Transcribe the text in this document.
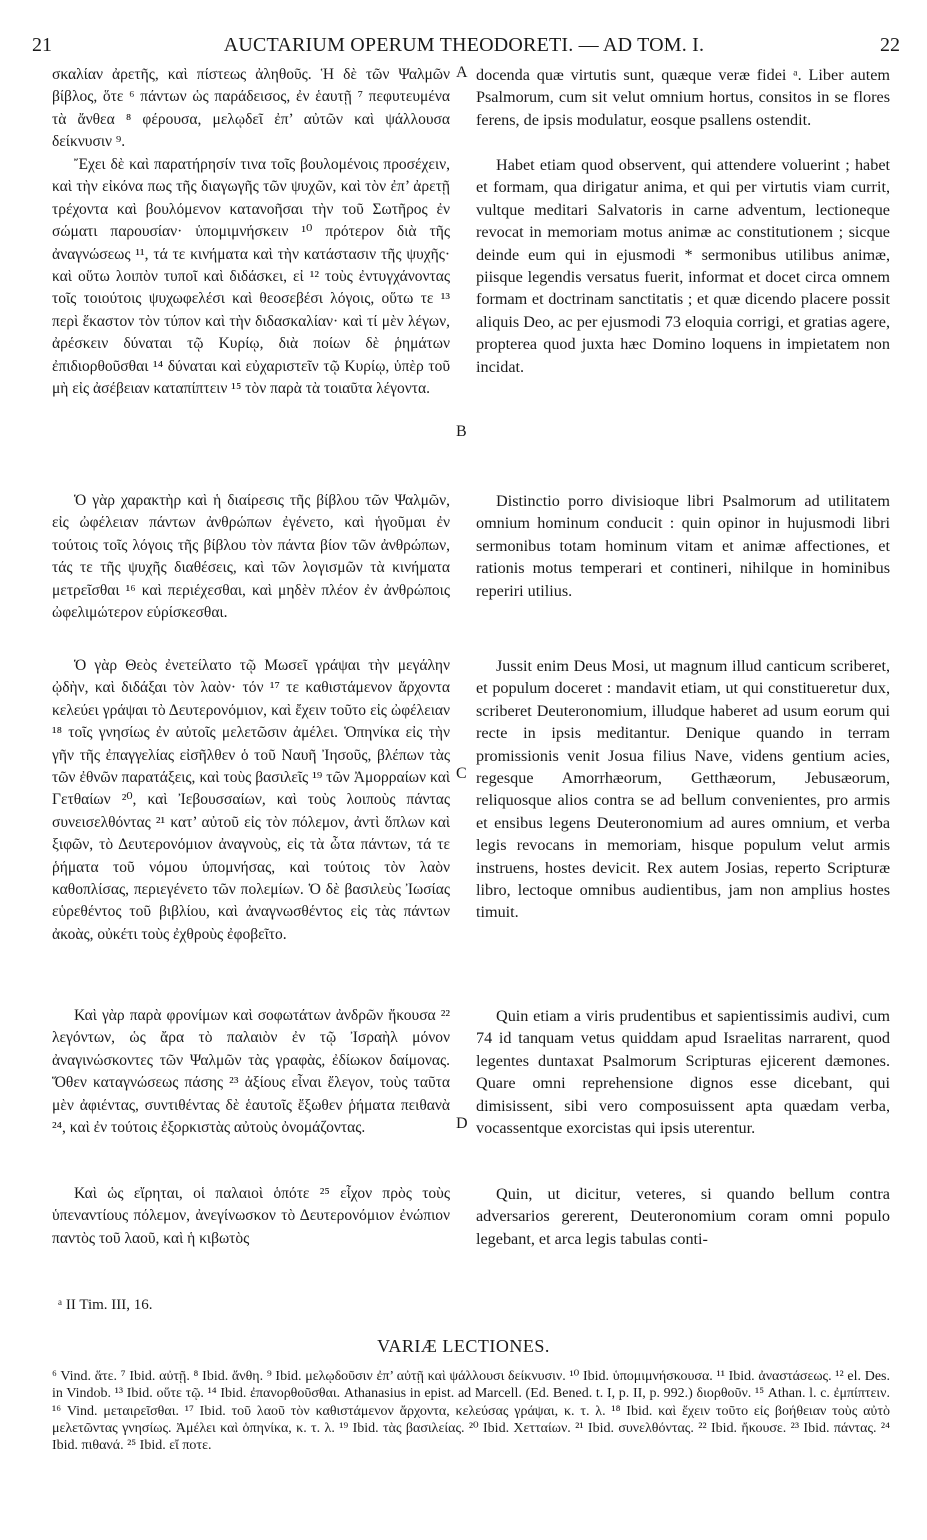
21	AUCTARIUM OPERUM THEODORETI. — AD TOM. I.	22

σκαλίαν ἀρετῆς, καὶ πίστεως ἀληθοῦς. Ἡ δὲ τῶν Ψαλμῶν βίβλος, ὅτε ⁶ πάντων ὡς παράδεισος, ἐν ἑαυτῇ ⁷ πεφυτευμένα τὰ ἄνθεα ⁸ φέρουσα, μελῳδεῖ ἐπ’ αὐτῶν καὶ ψάλλουσα δείκνυσιν ⁹.

Ἔχει δὲ καὶ παρατήρησίν τινα τοῖς βουλομένοις προσέχειν, καὶ τὴν εἰκόνα πως τῆς διαγωγῆς τῶν ψυχῶν, καὶ τὸν ἐπ’ ἀρετῇ τρέχοντα καὶ βουλόμενον κατανοῆσαι τὴν τοῦ Σωτῆρος ἐν σώματι παρουσίαν· ὑπομιμνήσκειν ¹⁰ πρότερον διὰ τῆς ἀναγνώσεως ¹¹, τά τε κινήματα καὶ τὴν κατάστασιν τῆς ψυχῆς· καὶ οὕτω λοιπὸν τυποῖ καὶ διδάσκει, εἰ ¹² τοὺς ἐντυγχάνοντας τοῖς τοιούτοις ψυχωφελέσι καὶ θεοσεβέσι λόγοις, οὕτω τε ¹³ περὶ ἕκαστον τὸν τύπον καὶ τὴν διδασκαλίαν· καὶ τί μὲν λέγων, ἀρέσκειν δύναται τῷ Κυρίῳ, διὰ ποίων δὲ ῥημάτων ἐπιδιορθοῦσθαι ¹⁴ δύναται καὶ εὐχαριστεῖν τῷ Κυρίῳ, ὑπὲρ τοῦ μὴ εἰς ἀσέβειαν καταπίπτειν ¹⁵ τὸν παρὰ τὰ τοιαῦτα λέγοντα.

Ὁ γὰρ χαρακτὴρ καὶ ἡ διαίρεσις τῆς βίβλου τῶν Ψαλμῶν, εἰς ὠφέλειαν πάντων ἀνθρώπων ἐγένετο, καὶ ἡγοῦμαι ἐν τούτοις τοῖς λόγοις τῆς βίβλου τὸν πάντα βίον τῶν ἀνθρώπων, τάς τε τῆς ψυχῆς διαθέσεις, καὶ τῶν λογισμῶν τὰ κινήματα μετρεῖσθαι ¹⁶ καὶ περιέχεσθαι, καὶ μηδὲν πλέον ἐν ἀνθρώποις ὠφελιμώτερον εὑρίσκεσθαι.

Ὁ γὰρ Θεὸς ἐνετείλατο τῷ Μωσεῖ γράψαι τὴν μεγάλην ᾠδὴν, καὶ διδάξαι τὸν λαὸν· τόν ¹⁷ τε καθιστάμενον ἄρχοντα κελεύει γράψαι τὸ Δευτερονόμιον, καὶ ἔχειν τοῦτο εἰς ὠφέλειαν ¹⁸ τοῖς γνησίως ἐν αὐτοῖς μελετῶσιν ἀμέλει. Ὁπηνίκα εἰς τὴν γῆν τῆς ἐπαγγελίας εἰσῆλθεν ὁ τοῦ Ναυῆ Ἰησοῦς, βλέπων τὰς τῶν ἐθνῶν παρατάξεις, καὶ τοὺς βασιλεῖς ¹⁹ τῶν Ἀμορραίων καὶ Γετθαίων ²⁰, καὶ Ἰεβουσσαίων, καὶ τοὺς λοιποὺς πάντας συνεισελθόντας ²¹ κατ’ αὐτοῦ εἰς τὸν πόλεμον, ἀντὶ ὅπλων καὶ ξιφῶν, τὸ Δευτερονόμιον ἀναγνοὺς, εἰς τὰ ὦτα πάντων, τά τε ῥήματα τοῦ νόμου ὑπομνήσας, καὶ τούτοις τὸν λαὸν καθοπλίσας, περιεγένετο τῶν πολεμίων. Ὁ δὲ βασιλεὺς Ἰωσίας εὑρεθέντος τοῦ βιβλίου, καὶ ἀναγνωσθέντος εἰς τὰς πάντων ἀκοὰς, οὐκέτι τοὺς ἐχθροὺς ἐφοβεῖτο.

Καὶ γὰρ παρὰ φρονίμων καὶ σοφωτάτων ἀνδρῶν ἤκουσα ²² λεγόντων, ὡς ἄρα τὸ παλαιὸν ἐν τῷ Ἰσραὴλ μόνον ἀναγινώσκοντες τῶν Ψαλμῶν τὰς γραφὰς, ἐδίωκον δαίμονας. Ὅθεν καταγνώσεως πάσης ²³ ἀξίους εἶναι ἔλεγον, τοὺς ταῦτα μὲν ἀφιέντας, συντιθέντας δὲ ἑαυτοῖς ἔξωθεν ῥήματα πειθανὰ ²⁴, καὶ ἐν τούτοις ἐξορκιστὰς αὐτοὺς ὀνομάζοντας.

Καὶ ὡς εἴρηται, οἱ παλαιοὶ ὁπότε ²⁵ εἶχον πρὸς τοὺς ὑπεναντίους πόλεμον, ἀνεγίνωσκον τὸ Δευτερονόμιον ἐνώπιον παντὸς τοῦ λαοῦ, καὶ ἡ κιβωτὸς

A
B
C
D

docenda quæ virtutis sunt, quæque veræ fidei ᵃ. Liber autem Psalmorum, cum sit velut omnium hortus, consitos in se flores ferens, de ipsis modulatur, eosque psallens ostendit.

Habet etiam quod observent, qui attendere voluerint ; habet et formam, qua dirigatur anima, et qui per virtutis viam currit, vultque meditari Salvatoris in carne adventum, lectioneque revocat in memoriam motus animæ ac constitutionem ; sicque deinde eum qui in ejusmodi * sermonibus utilibus animæ, piisque legendis versatus fuerit, informat et docet circa omnem formam et doctrinam sanctitatis ; et quæ dicendo placere possit aliquis Deo, ac per ejusmodi 73 eloquia corrigi, et gratias agere, propterea quod juxta hæc Domino loquens in impietatem non incidat.

Distinctio porro divisioque libri Psalmorum ad utilitatem omnium hominum conducit : quin opinor in hujusmodi libri sermonibus totam hominum vitam et animæ affectiones, et rationis motus temperari et contineri, nihilque in hominibus reperiri utilius.

Jussit enim Deus Mosi, ut magnum illud canticum scriberet, et populum doceret : mandavit etiam, ut qui constitueretur dux, scriberet Deuteronomium, illudque haberet ad usum eorum qui recte in ipsis meditantur. Denique quando in terram promissionis venit Josua filius Nave, videns gentium acies, regesque Amorrhæorum, Getthæorum, Jebusæorum, reliquosque alios contra se ad bellum convenientes, pro armis et ensibus legens Deuteronomium ad aures omnium, et verba legis revocans in memoriam, hisque populum velut armis instruens, hostes devicit. Rex autem Josias, reperto Scripturæ libro, lectoque omnibus audientibus, jam non amplius hostes timuit.

Quin etiam a viris prudentibus et sapientissimis audivi, cum 74 id tanquam vetus quiddam apud Israelitas narrarent, quod legentes duntaxat Psalmorum Scripturas ejicerent dæmones. Quare omni reprehensione dignos esse dicebant, qui dimisissent, sibi vero composuissent apta quædam verba, vocassentque exorcistas qui ipsis uterentur.

Quin, ut dicitur, veteres, si quando bellum contra adversarios gererent, Deuteronomium coram omni populo legebant, et arca legis tabulas conti-

ᵃ II Tim. III, 16.
VARIÆ LECTIONES.

⁶ Vind. ἅτε. ⁷ Ibid. αὐτῇ. ⁸ Ibid. ἄνθη. ⁹ Ibid. μελῳδοῦσιν ἐπ’ αὐτῇ καὶ ψάλλουσι δείκνυσιν. ¹⁰ Ibid. ὑπομιμνήσκουσα. ¹¹ Ibid. ἀναστάσεως. ¹² el. Des. in Vindob. ¹³ Ibid. οὕτε τῷ. ¹⁴ Ibid. ἐπανορθοῦσθαι. Athanasius in epist. ad Marcell. (Ed. Bened. t. I, p. II, p. 992.) διορθοῦν. ¹⁵ Athan. l. c. ἐμπίπτειν. ¹⁶ Vind. μεταιρεῖσθαι. ¹⁷ Ibid. τοῦ λαοῦ τὸν καθιστάμενον ἄρχοντα, κελεύσας γράψαι, κ. τ. λ. ¹⁸ Ibid. καὶ ἔχειν τοῦτο εἰς βοήθειαν τοὺς αὐτὸ μελετῶντας γνησίως. Ἀμέλει καὶ ὁπηνίκα, κ. τ. λ. ¹⁹ Ibid. τὰς βασιλείας. ²⁰ Ibid. Χετταίων. ²¹ Ibid. συνελθόντας. ²² Ibid. ἤκουσε. ²³ Ibid. πάντας. ²⁴ Ibid. πιθανά. ²⁵ Ibid. εἴ ποτε.
